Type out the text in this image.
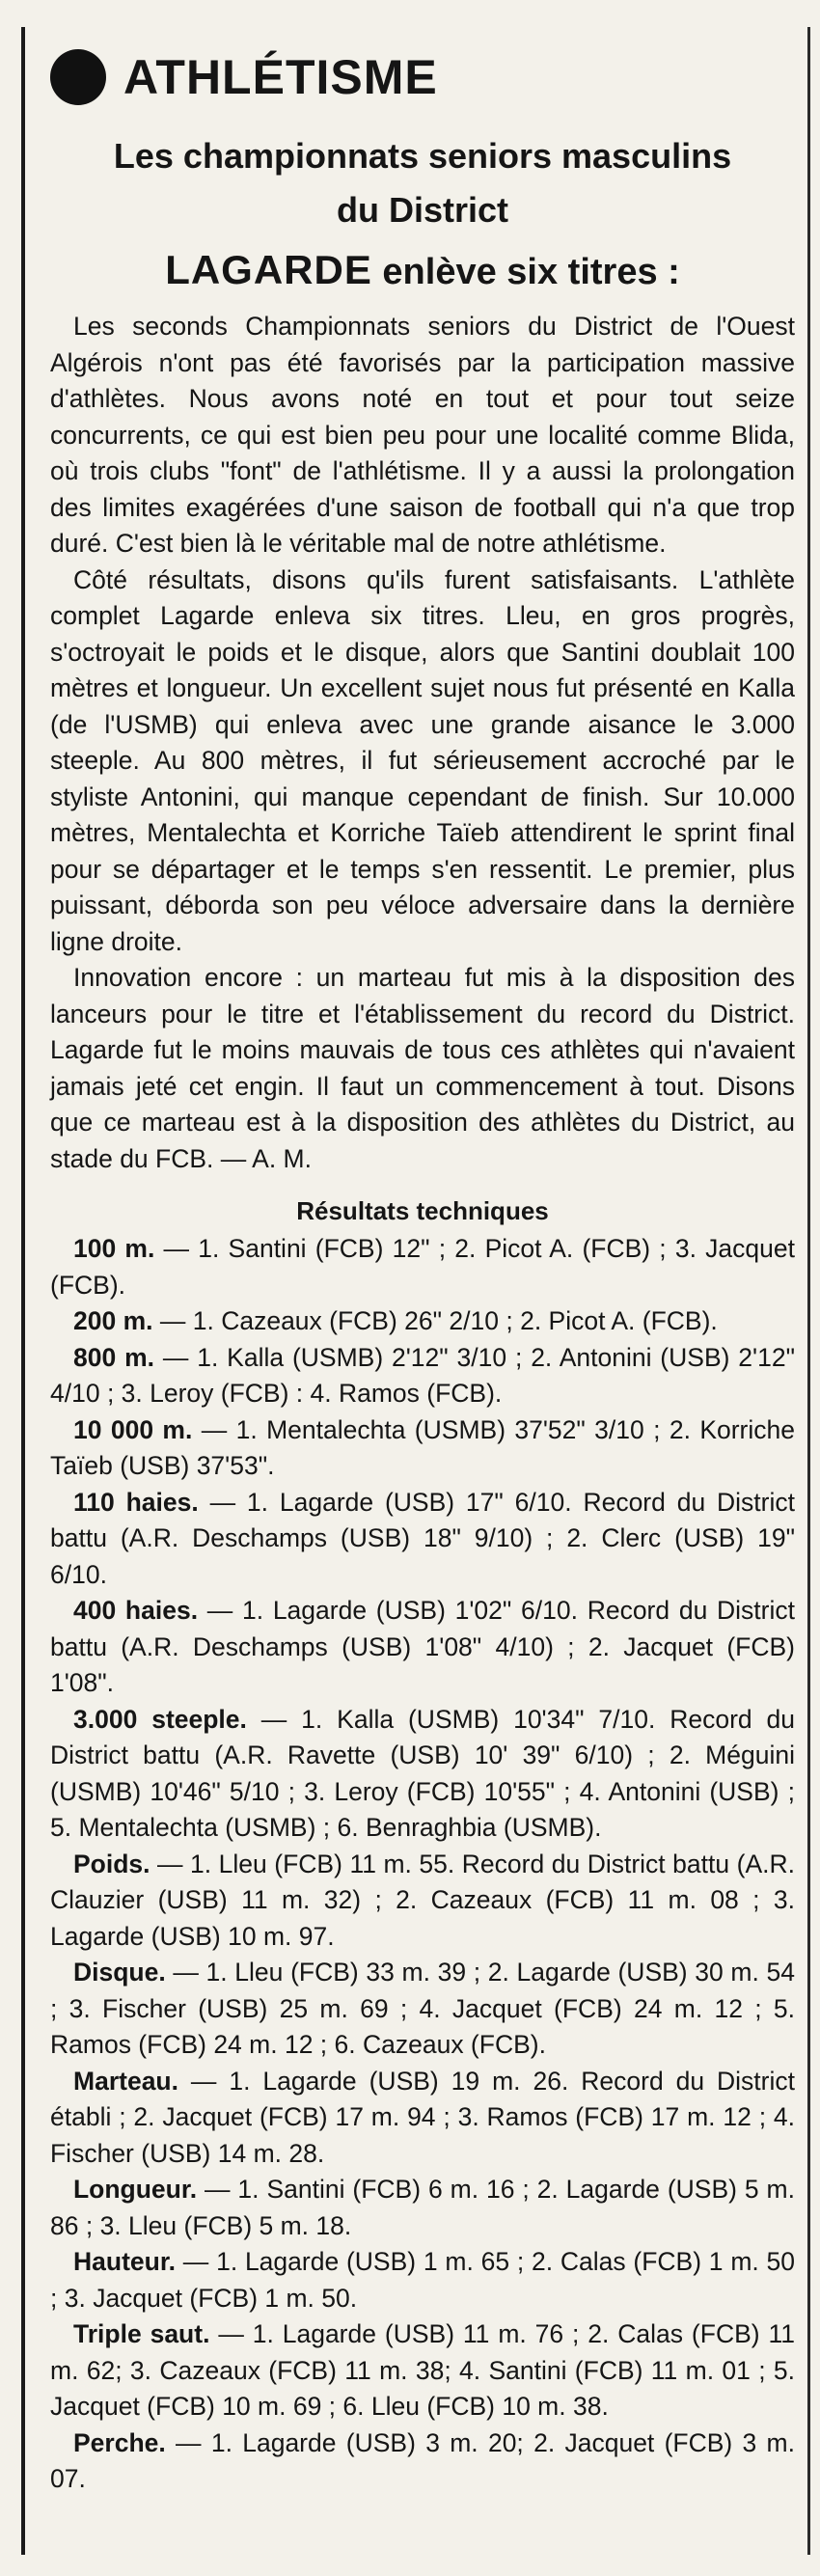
ATHLÉTISME
Les championnats seniors masculins
du District
LAGARDE enlève six titres :

Les seconds Championnats seniors du District de l'Ouest Algérois n'ont pas été favorisés par la participation massive d'athlètes. Nous avons noté en tout et pour tout seize concurrents, ce qui est bien peu pour une localité comme Blida, où trois clubs "font" de l'athlétisme. Il y a aussi la prolongation des limites exagérées d'une saison de football qui n'a que trop duré. C'est bien là le véritable mal de notre athlétisme.

Côté résultats, disons qu'ils furent satisfaisants. L'athlète complet Lagarde enleva six titres. Lleu, en gros progrès, s'octroyait le poids et le disque, alors que Santini doublait 100 mètres et longueur. Un excellent sujet nous fut présenté en Kalla (de l'USMB) qui enleva avec une grande aisance le 3.000 steeple. Au 800 mètres, il fut sérieusement accroché par le styliste Antonini, qui manque cependant de finish. Sur 10.000 mètres, Mentalechta et Korriche Taïeb attendirent le sprint final pour se départager et le temps s'en ressentit. Le premier, plus puissant, déborda son peu véloce adversaire dans la dernière ligne droite.

Innovation encore : un marteau fut mis à la disposition des lanceurs pour le titre et l'établissement du record du District. Lagarde fut le moins mauvais de tous ces athlètes qui n'avaient jamais jeté cet engin. Il faut un commencement à tout. Disons que ce marteau est à la disposition des athlètes du District, au stade du FCB. — A. M.

Résultats techniques

100 m. — 1. Santini (FCB) 12" ; 2. Picot A. (FCB) ; 3. Jacquet (FCB).

200 m. — 1. Cazeaux (FCB) 26" 2/10 ; 2. Picot A. (FCB).

800 m. — 1. Kalla (USMB) 2'12" 3/10 ; 2. Antonini (USB) 2'12" 4/10 ; 3. Leroy (FCB) : 4. Ramos (FCB).

10 000 m. — 1. Mentalechta (USMB) 37'52" 3/10 ; 2. Korriche Taïeb (USB) 37'53".

110 haies. — 1. Lagarde (USB) 17" 6/10. Record du District battu (A.R. Deschamps (USB) 18" 9/10) ; 2. Clerc (USB) 19" 6/10.

400 haies. — 1. Lagarde (USB) 1'02" 6/10. Record du District battu (A.R. Deschamps (USB) 1'08" 4/10) ; 2. Jacquet (FCB) 1'08".

3.000 steeple. — 1. Kalla (USMB) 10'34" 7/10. Record du District battu (A.R. Ravette (USB) 10' 39" 6/10) ; 2. Méguini (USMB) 10'46" 5/10 ; 3. Leroy (FCB) 10'55" ; 4. Antonini (USB) ; 5. Mentalechta (USMB) ; 6. Benraghbia (USMB).

Poids. — 1. Lleu (FCB) 11 m. 55. Record du District battu (A.R. Clauzier (USB) 11 m. 32) ; 2. Cazeaux (FCB) 11 m. 08 ; 3. Lagarde (USB) 10 m. 97.

Disque. — 1. Lleu (FCB) 33 m. 39 ; 2. Lagarde (USB) 30 m. 54 ; 3. Fischer (USB) 25 m. 69 ; 4. Jacquet (FCB) 24 m. 12 ; 5. Ramos (FCB) 24 m. 12 ; 6. Cazeaux (FCB).

Marteau. — 1. Lagarde (USB) 19 m. 26. Record du District établi ; 2. Jacquet (FCB) 17 m. 94 ; 3. Ramos (FCB) 17 m. 12 ; 4. Fischer (USB) 14 m. 28.

Longueur. — 1. Santini (FCB) 6 m. 16 ; 2. Lagarde (USB) 5 m. 86 ; 3. Lleu (FCB) 5 m. 18.

Hauteur. — 1. Lagarde (USB) 1 m. 65 ; 2. Calas (FCB) 1 m. 50 ; 3. Jacquet (FCB) 1 m. 50.

Triple saut. — 1. Lagarde (USB) 11 m. 76 ; 2. Calas (FCB) 11 m. 62; 3. Cazeaux (FCB) 11 m. 38; 4. Santini (FCB) 11 m. 01 ; 5. Jacquet (FCB) 10 m. 69 ; 6. Lleu (FCB) 10 m. 38.

Perche. — 1. Lagarde (USB) 3 m. 20; 2. Jacquet (FCB) 3 m. 07.
